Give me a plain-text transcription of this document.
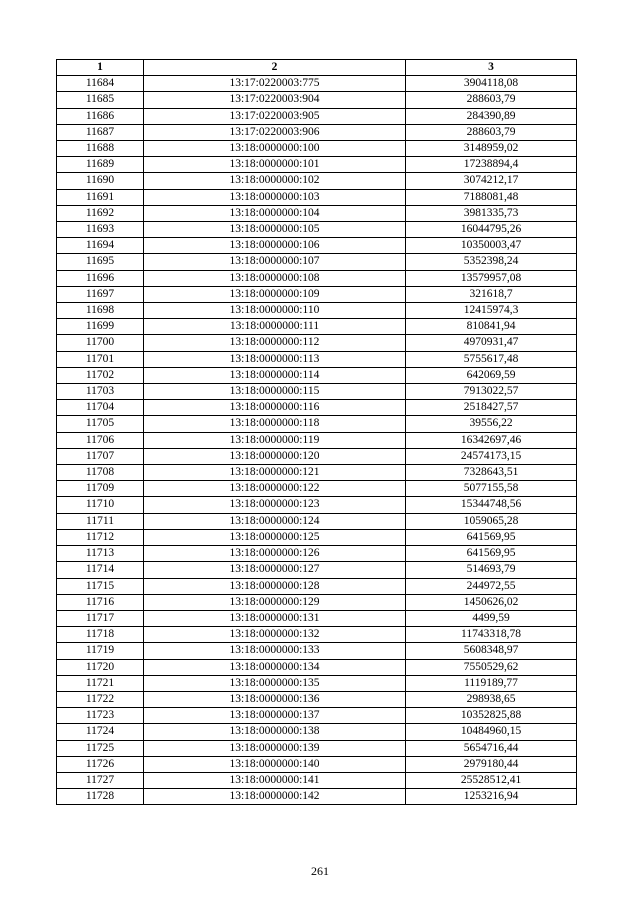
1	2	3
11684	13:17:0220003:775	3904118,08
11685	13:17:0220003:904	288603,79
11686	13:17:0220003:905	284390,89
11687	13:17:0220003:906	288603,79
11688	13:18:0000000:100	3148959,02
11689	13:18:0000000:101	17238894,4
11690	13:18:0000000:102	3074212,17
11691	13:18:0000000:103	7188081,48
11692	13:18:0000000:104	3981335,73
11693	13:18:0000000:105	16044795,26
11694	13:18:0000000:106	10350003,47
11695	13:18:0000000:107	5352398,24
11696	13:18:0000000:108	13579957,08
11697	13:18:0000000:109	321618,7
11698	13:18:0000000:110	12415974,3
11699	13:18:0000000:111	810841,94
11700	13:18:0000000:112	4970931,47
11701	13:18:0000000:113	5755617,48
11702	13:18:0000000:114	642069,59
11703	13:18:0000000:115	7913022,57
11704	13:18:0000000:116	2518427,57
11705	13:18:0000000:118	39556,22
11706	13:18:0000000:119	16342697,46
11707	13:18:0000000:120	24574173,15
11708	13:18:0000000:121	7328643,51
11709	13:18:0000000:122	5077155,58
11710	13:18:0000000:123	15344748,56
11711	13:18:0000000:124	1059065,28
11712	13:18:0000000:125	641569,95
11713	13:18:0000000:126	641569,95
11714	13:18:0000000:127	514693,79
11715	13:18:0000000:128	244972,55
11716	13:18:0000000:129	1450626,02
11717	13:18:0000000:131	4499,59
11718	13:18:0000000:132	11743318,78
11719	13:18:0000000:133	5608348,97
11720	13:18:0000000:134	7550529,62
11721	13:18:0000000:135	1119189,77
11722	13:18:0000000:136	298938,65
11723	13:18:0000000:137	10352825,88
11724	13:18:0000000:138	10484960,15
11725	13:18:0000000:139	5654716,44
11726	13:18:0000000:140	2979180,44
11727	13:18:0000000:141	25528512,41
11728	13:18:0000000:142	1253216,94
261
